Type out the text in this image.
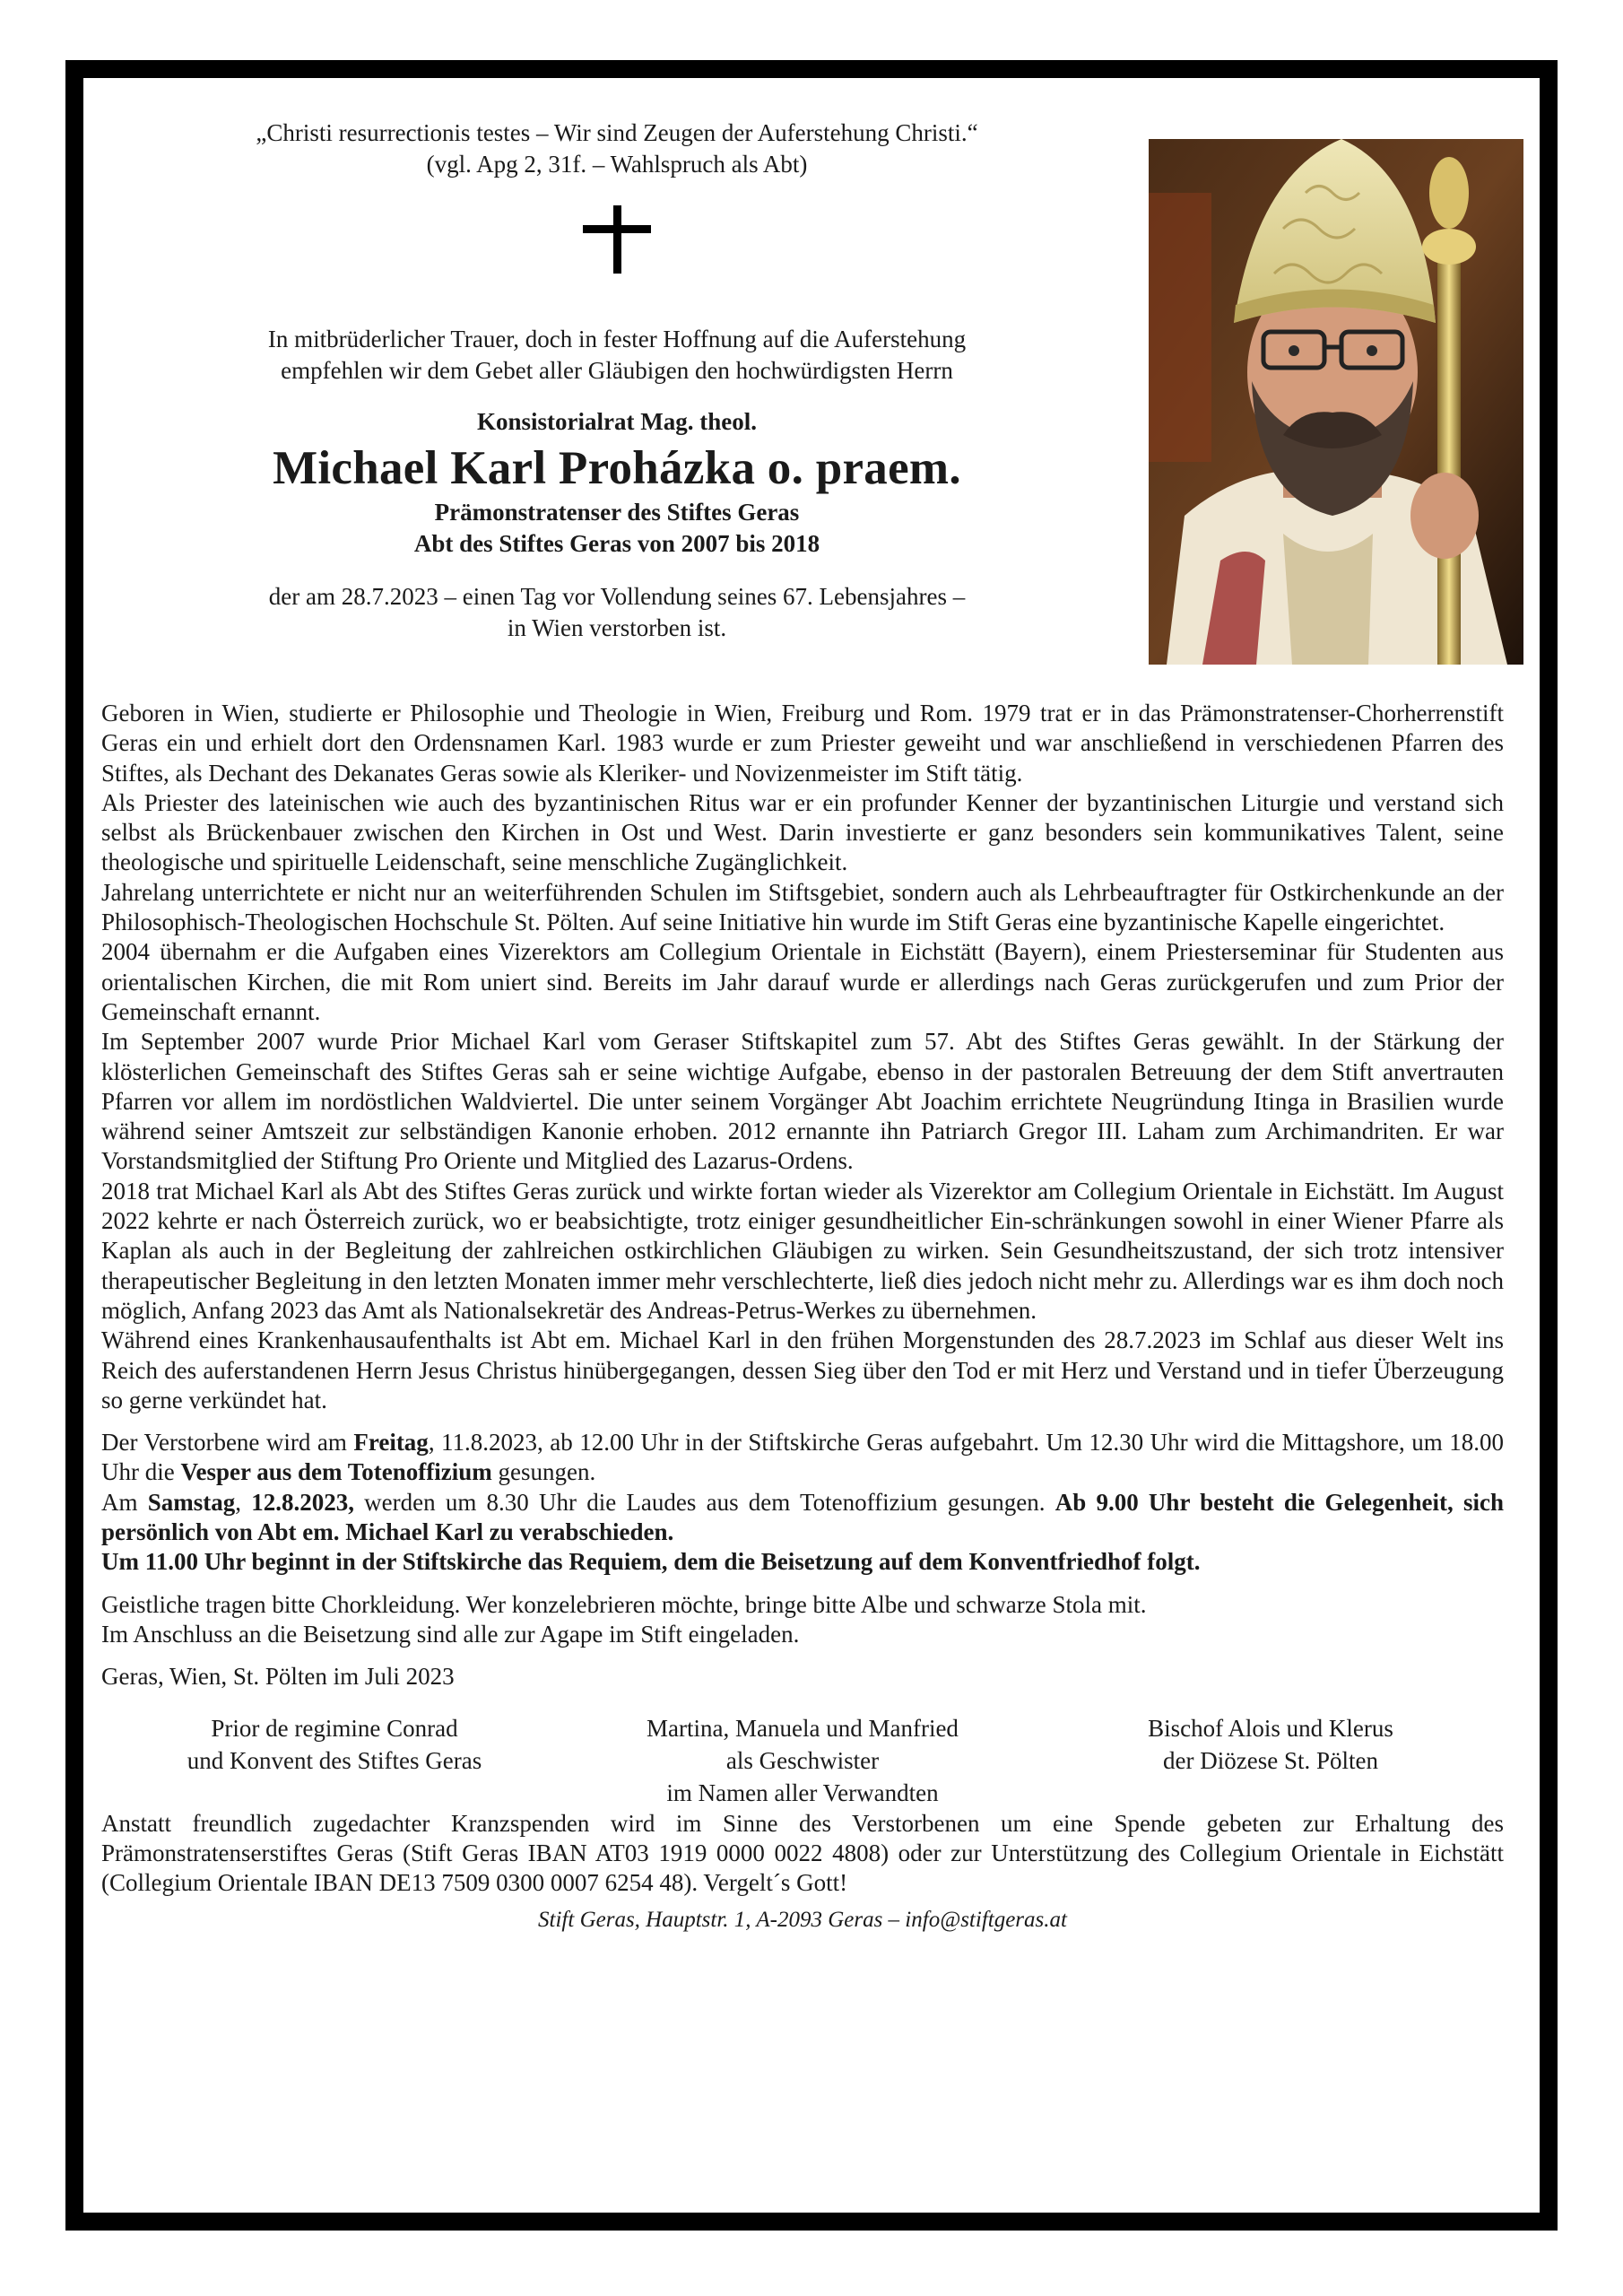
„Christi resurrectionis testes – Wir sind Zeugen der Auferstehung Christi.“
(vgl. Apg 2, 31f. – Wahlspruch als Abt)
In mitbrüderlicher Trauer, doch in fester Hoffnung auf die Auferstehung
empfehlen wir dem Gebet aller Gläubigen den hochwürdigsten Herrn
Konsistorialrat Mag. theol.
Michael Karl Proházka o. praem.
Prämonstratenser des Stiftes Geras
Abt des Stiftes Geras von 2007 bis 2018
der am 28.7.2023 – einen Tag vor Vollendung seines 67. Lebensjahres –
in Wien verstorben ist.

Geboren in Wien, studierte er Philosophie und Theologie in Wien, Freiburg und Rom. 1979 trat er in das Prämonstratenser-Chorherrenstift Geras ein und erhielt dort den Ordensnamen Karl. 1983 wurde er zum Priester geweiht und war anschließend in verschiedenen Pfarren des Stiftes, als Dechant des Dekanates Geras sowie als Kleriker- und Novizenmeister im Stift tätig.

Als Priester des lateinischen wie auch des byzantinischen Ritus war er ein profunder Kenner der byzantinischen Liturgie und verstand sich selbst als Brückenbauer zwischen den Kirchen in Ost und West. Darin investierte er ganz besonders sein kommunikatives Talent, seine theologische und spirituelle Leidenschaft, seine menschliche Zugänglichkeit.

Jahrelang unterrichtete er nicht nur an weiterführenden Schulen im Stiftsgebiet, sondern auch als Lehrbeauftragter für Ostkirchenkunde an der Philosophisch-Theologischen Hochschule St. Pölten. Auf seine Initiative hin wurde im Stift Geras eine byzantinische Kapelle eingerichtet.

2004 übernahm er die Aufgaben eines Vizerektors am Collegium Orientale in Eichstätt (Bayern), einem Priesterseminar für Studenten aus orientalischen Kirchen, die mit Rom uniert sind. Bereits im Jahr darauf wurde er allerdings nach Geras zurückgerufen und zum Prior der Gemeinschaft ernannt.

Im September 2007 wurde Prior Michael Karl vom Geraser Stiftskapitel zum 57. Abt des Stiftes Geras gewählt. In der Stärkung der klösterlichen Gemeinschaft des Stiftes Geras sah er seine wichtige Aufgabe, ebenso in der pastoralen Betreuung der dem Stift anvertrauten Pfarren vor allem im nordöstlichen Waldviertel. Die unter seinem Vorgänger Abt Joachim errichtete Neugründung Itinga in Brasilien wurde während seiner Amtszeit zur selbständigen Kanonie erhoben. 2012 ernannte ihn Patriarch Gregor III. Laham zum Archimandriten. Er war Vorstandsmitglied der Stiftung Pro Oriente und Mitglied des Lazarus-Ordens.

2018 trat Michael Karl als Abt des Stiftes Geras zurück und wirkte fortan wieder als Vizerektor am Collegium Orientale in Eichstätt. Im August 2022 kehrte er nach Österreich zurück, wo er beabsichtigte, trotz einiger gesundheitlicher Ein-schränkungen sowohl in einer Wiener Pfarre als Kaplan als auch in der Begleitung der zahlreichen ostkirchlichen Gläubigen zu wirken. Sein Gesundheitszustand, der sich trotz intensiver therapeutischer Begleitung in den letzten Monaten immer mehr verschlechterte, ließ dies jedoch nicht mehr zu. Allerdings war es ihm doch noch möglich, Anfang 2023 das Amt als Nationalsekretär des Andreas-Petrus-Werkes zu übernehmen.

Während eines Krankenhausaufenthalts ist Abt em. Michael Karl in den frühen Morgenstunden des 28.7.2023 im Schlaf aus dieser Welt ins Reich des auferstandenen Herrn Jesus Christus hinübergegangen, dessen Sieg über den Tod er mit Herz und Verstand und in tiefer Überzeugung so gerne verkündet hat.

Der Verstorbene wird am Freitag, 11.8.2023, ab 12.00 Uhr in der Stiftskirche Geras aufgebahrt. Um 12.30 Uhr wird die Mittagshore, um 18.00 Uhr die Vesper aus dem Totenoffizium gesungen.

Am Samstag, 12.8.2023, werden um 8.30 Uhr die Laudes aus dem Totenoffizium gesungen. Ab 9.00 Uhr besteht die Gelegenheit, sich persönlich von Abt em. Michael Karl zu verabschieden.

Um 11.00 Uhr beginnt in der Stiftskirche das Requiem, dem die Beisetzung auf dem Konventfriedhof folgt.

Geistliche tragen bitte Chorkleidung. Wer konzelebrieren möchte, bringe bitte Albe und schwarze Stola mit.
Im Anschluss an die Beisetzung sind alle zur Agape im Stift eingeladen.
Geras, Wien, St. Pölten im Juli 2023
Prior de regimine Conrad
und Konvent des Stiftes Geras
Martina, Manuela und Manfried
als Geschwister
im Namen aller Verwandten
Bischof Alois und Klerus
der Diözese St. Pölten

Anstatt freundlich zugedachter Kranzspenden wird im Sinne des Verstorbenen um eine Spende gebeten zur Erhaltung des Prämonstratenserstiftes Geras (Stift Geras IBAN AT03 1919 0000 0022 4808) oder zur Unterstützung des Collegium Orientale in Eichstätt (Collegium Orientale IBAN DE13 7509 0300 0007 6254 48). Vergelt´s Gott!

Stift Geras, Hauptstr. 1, A-2093 Geras – info@stiftgeras.at
